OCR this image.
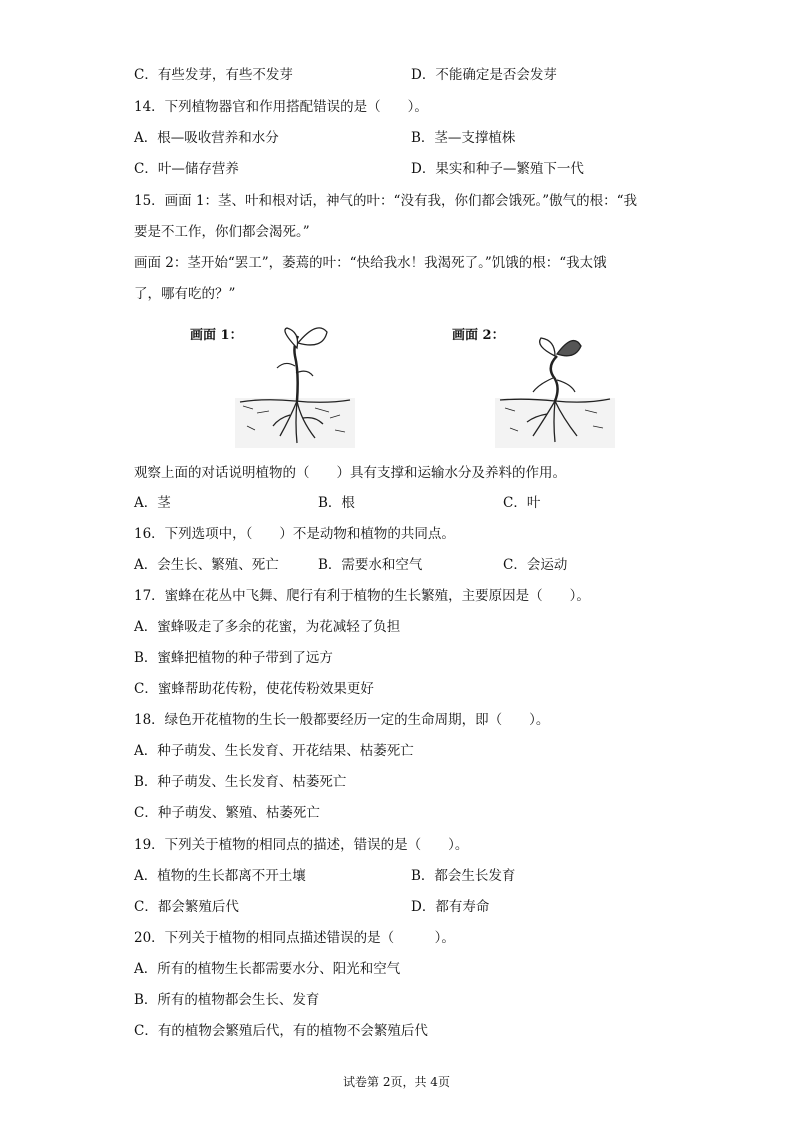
C．有些发芽，有些不发芽	D．不能确定是否会发芽
14．下列植物器官和作用搭配错误的是（　　）。
A．根—吸收营养和水分	B．茎—支撑植株
C．叶—储存营养	D．果实和种子—繁殖下一代
15．画面 1：茎、叶和根对话，神气的叶：“没有我，你们都会饿死。”傲气的根：“我
要是不工作，你们都会渴死。”
画面 2：茎开始“罢工”，萎蔫的叶：“快给我水！我渴死了。”饥饿的根：“我太饿
了，哪有吃的？”
画面 1：	画面 2：
观察上面的对话说明植物的（　　）具有支撑和运输水分及养料的作用。
A．茎	B．根	C．叶
16．下列选项中，（　　）不是动物和植物的共同点。
A．会生长、繁殖、死亡	B．需要水和空气	C．会运动
17．蜜蜂在花丛中飞舞、爬行有利于植物的生长繁殖，主要原因是（　　）。
A．蜜蜂吸走了多余的花蜜，为花减轻了负担
B．蜜蜂把植物的种子带到了远方
C．蜜蜂帮助花传粉，使花传粉效果更好
18．绿色开花植物的生长一般都要经历一定的生命周期，即（　　）。
A．种子萌发、生长发育、开花结果、枯萎死亡
B．种子萌发、生长发育、枯萎死亡
C．种子萌发、繁殖、枯萎死亡
19．下列关于植物的相同点的描述，错误的是（　　）。
A．植物的生长都离不开土壤	B．都会生长发育
C．都会繁殖后代	D．都有寿命
20．下列关于植物的相同点描述错误的是（　　　）。
A．所有的植物生长都需要水分、阳光和空气
B．所有的植物都会生长、发育
C．有的植物会繁殖后代，有的植物不会繁殖后代
试卷第 2页，共 4页
